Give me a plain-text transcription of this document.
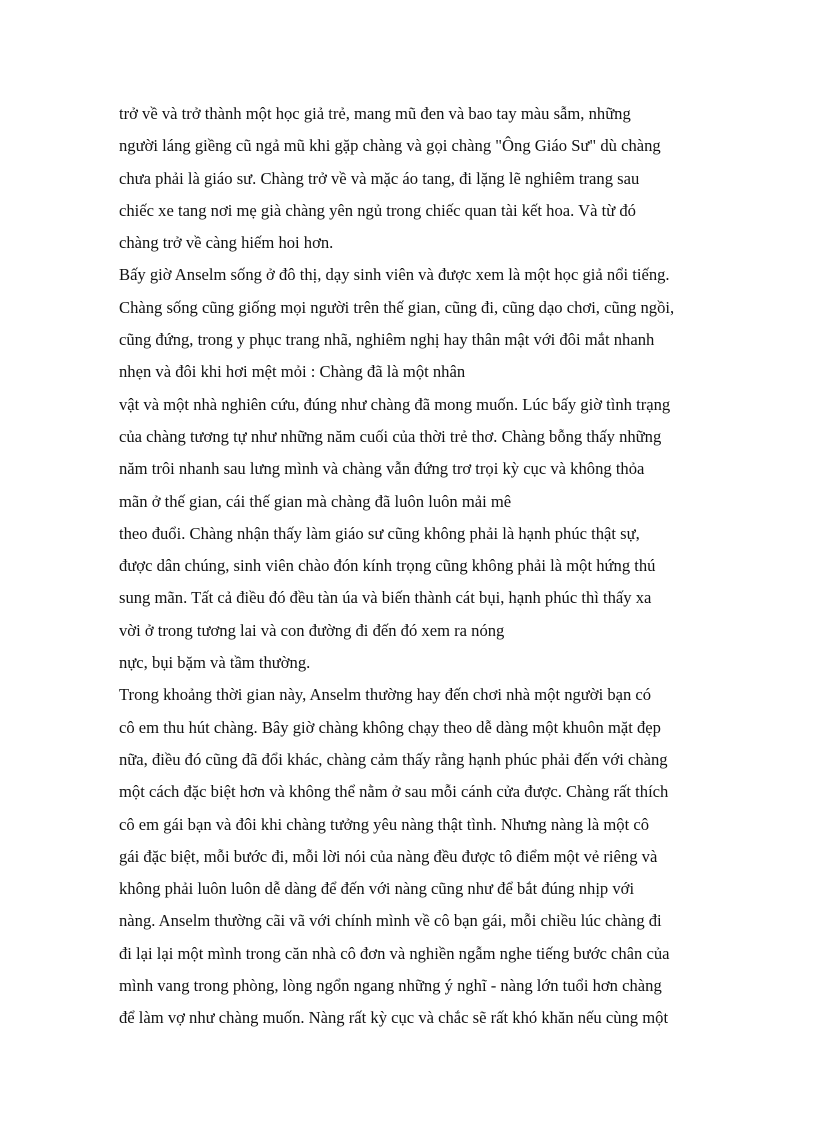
trở về và trở thành một học giả trẻ, mang mũ đen và bao tay màu sẫm, những
người láng giềng cũ ngả mũ khi gặp chàng và gọi chàng "Ông Giáo Sư" dù chàng
chưa phải là giáo sư. Chàng trở về và mặc áo tang, đi lặng lẽ nghiêm trang sau
chiếc xe tang nơi mẹ già chàng yên ngủ trong chiếc quan tài kết hoa. Và từ đó
chàng trở về càng hiếm hoi hơn.
Bấy giờ Anselm sống ở đô thị, dạy sinh viên và được xem là một học giả nổi tiếng.
Chàng sống cũng giống mọi người trên thế gian, cũng đi, cũng dạo chơi, cũng ngồi,
cũng đứng, trong y phục trang nhã, nghiêm nghị hay thân mật với đôi mắt nhanh
nhẹn và đôi khi hơi mệt mỏi : Chàng đã là một nhân
vật và một nhà nghiên cứu, đúng như chàng đã mong muốn. Lúc bấy giờ tình trạng
của chàng tương tự như những năm cuối của thời trẻ thơ. Chàng bỗng thấy những
năm trôi nhanh sau lưng mình và chàng vẫn đứng trơ trọi kỳ cục và không thỏa
mãn ở thế gian, cái thế gian mà chàng đã luôn luôn mải mê
theo đuổi. Chàng nhận thấy làm giáo sư cũng không phải là hạnh phúc thật sự,
được dân chúng, sinh viên chào đón kính trọng cũng không phải là một hứng thú
sung mãn. Tất cả điều đó đều tàn úa và biến thành cát bụi, hạnh phúc thì thấy xa
vời ở trong tương lai và con đường đi đến đó xem ra nóng
nực, bụi bặm và tầm thường.
Trong khoảng thời gian này, Anselm thường hay đến chơi nhà một người bạn có
cô em thu hút chàng. Bây giờ chàng không chạy theo dễ dàng một khuôn mặt đẹp
nữa, điều đó cũng đã đổi khác, chàng cảm thấy rằng hạnh phúc phải đến với chàng
một cách đặc biệt hơn và không thể nằm ở sau mỗi cánh cửa được. Chàng rất thích
cô em gái bạn và đôi khi chàng tưởng yêu nàng thật tình. Nhưng nàng là một cô
gái đặc biệt, mỗi bước đi, mỗi lời nói của nàng đều được tô điểm một vẻ riêng và
không phải luôn luôn dễ dàng để đến với nàng cũng như để bắt đúng nhịp với
nàng. Anselm thường cãi vã với chính mình về cô bạn gái, mỗi chiều lúc chàng đi
đi lại lại một mình trong căn nhà cô đơn và nghiền ngẫm nghe tiếng bước chân của
mình vang trong phòng, lòng ngổn ngang những ý nghĩ - nàng lớn tuổi hơn chàng
để làm vợ như chàng muốn. Nàng rất kỳ cục và chắc sẽ rất khó khăn nếu cùng một
